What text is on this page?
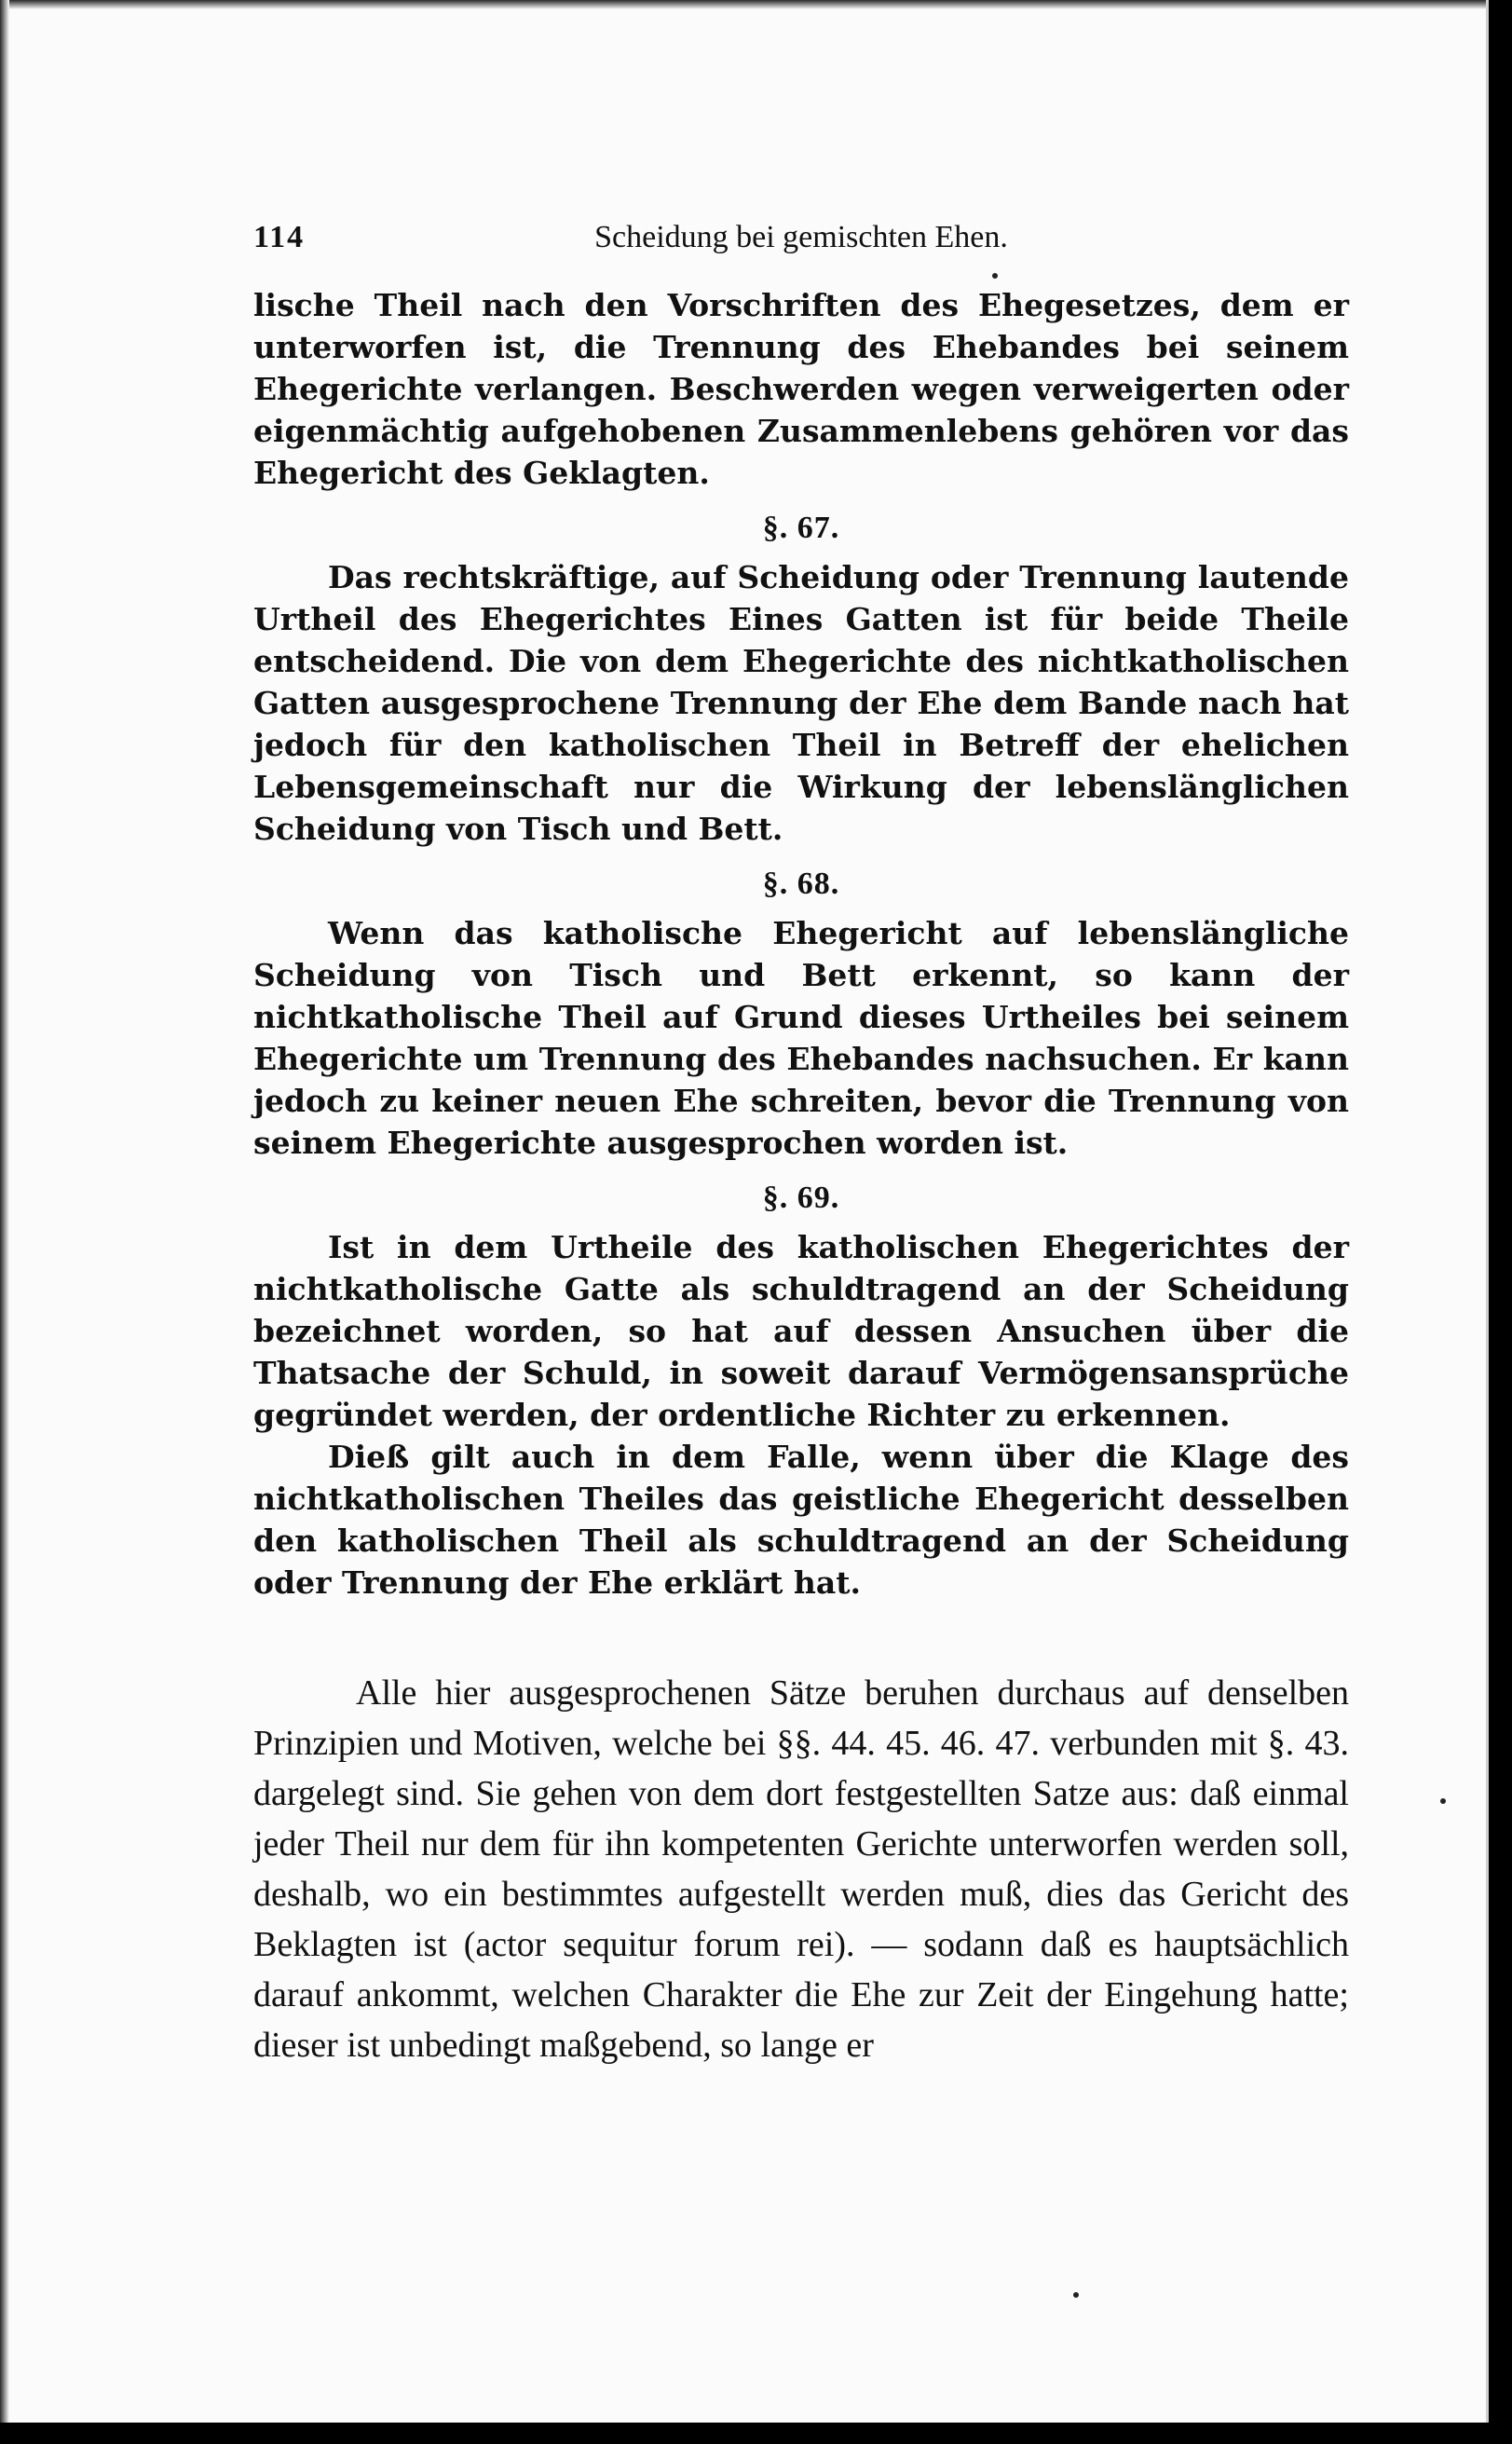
114	Scheidung bei gemischten Ehen.

lische Theil nach den Vorschriften des Ehegesetzes, dem er unterworfen ist, die Trennung des Ehebandes bei seinem Ehegerichte verlangen. Beschwerden wegen verweigerten oder eigenmächtig aufgehobenen Zusammenlebens gehören vor das Ehegericht des Geklagten.

§. 67.

Das rechtskräftige, auf Scheidung oder Trennung lautende Urtheil des Ehegerichtes Eines Gatten ist für beide Theile entscheidend. Die von dem Ehegerichte des nichtkatholischen Gatten ausgesprochene Trennung der Ehe dem Bande nach hat jedoch für den katholischen Theil in Betreff der ehelichen Lebensgemeinschaft nur die Wirkung der lebenslänglichen Scheidung von Tisch und Bett.

§. 68.

Wenn das katholische Ehegericht auf lebenslängliche Scheidung von Tisch und Bett erkennt, so kann der nichtkatholische Theil auf Grund dieses Urtheiles bei seinem Ehegerichte um Trennung des Ehebandes nachsuchen. Er kann jedoch zu keiner neuen Ehe schreiten, bevor die Trennung von seinem Ehegerichte ausgesprochen worden ist.

§. 69.

Ist in dem Urtheile des katholischen Ehegerichtes der nichtkatholische Gatte als schuldtragend an der Scheidung bezeichnet worden, so hat auf dessen Ansuchen über die Thatsache der Schuld, in soweit darauf Vermögensansprüche gegründet werden, der ordentliche Richter zu erkennen.

Dieß gilt auch in dem Falle, wenn über die Klage des nichtkatholischen Theiles das geistliche Ehegericht desselben den katholischen Theil als schuldtragend an der Scheidung oder Trennung der Ehe erklärt hat.

Alle hier ausgesprochenen Sätze beruhen durchaus auf denselben Prinzipien und Motiven, welche bei §§. 44. 45. 46. 47. verbunden mit §. 43. dargelegt sind. Sie gehen von dem dort festgestellten Satze aus: daß einmal jeder Theil nur dem für ihn kompetenten Gerichte unterworfen werden soll, deshalb, wo ein bestimmtes aufgestellt werden muß, dies das Gericht des Beklagten ist (actor sequitur forum rei). — sodann daß es hauptsächlich darauf ankommt, welchen Charakter die Ehe zur Zeit der Eingehung hatte; dieser ist unbedingt maßgebend, so lange er
